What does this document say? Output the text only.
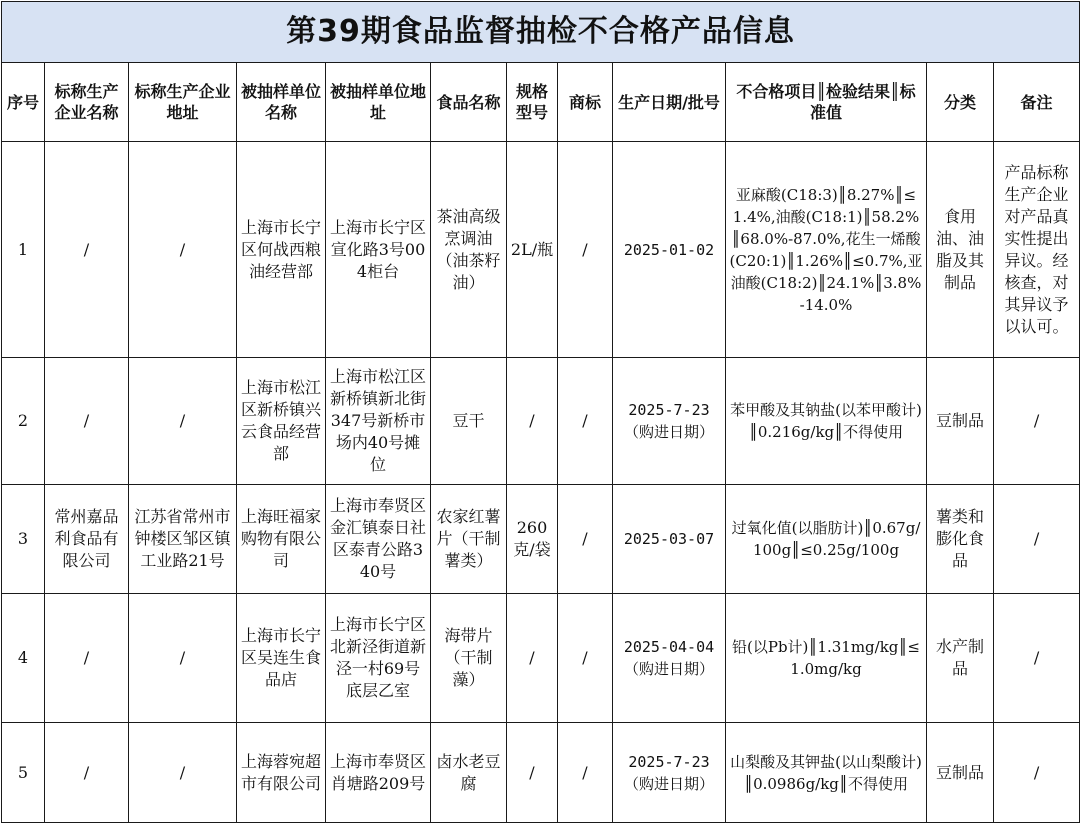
第39期食品监督抽检不合格产品信息											
序号	标称生产企业名称	标称生产企业地址	被抽样单位名称	被抽样单位地址	食品名称	规格型号	商标	生产日期/批号	不合格项目║检验结果║标准值	分类	备注
1	/	/	上海市长宁区何战西粮油经营部	上海市长宁区宣化路3号004柜台	茶油高级烹调油（油茶籽油）	2L/瓶	/	2025-01-02	亚麻酸(C18:3)║8.27%║≤1.4%,油酸(C18:1)║58.2%║68.0%-87.0%,花生一烯酸(C20:1)║1.26%║≤0.7%,亚油酸(C18:2)║24.1%║3.8%-14.0%	食用油、油脂及其制品	产品标称生产企业对产品真实性提出异议。经核查，对其异议予以认可。
2	/	/	上海市松江区新桥镇兴云食品经营部	上海市松江区新桥镇新北街347号新桥市场内40号摊位	豆干	/	/	2025-7-23（购进日期）	苯甲酸及其钠盐(以苯甲酸计)║0.216g/kg║不得使用	豆制品	/
3	常州嘉品利食品有限公司	江苏省常州市钟楼区邹区镇工业路21号	上海旺福家购物有限公司	上海市奉贤区金汇镇泰日社区泰青公路340号	农家红薯片（干制薯类）	260克/袋	/	2025-03-07	过氧化值(以脂肪计)║0.67g/100g║≤0.25g/100g	薯类和膨化食品	/
4	/	/	上海市长宁区吴连生食品店	上海市长宁区北新泾街道新泾一村69号底层乙室	海带片（干制藻）	/	/	2025-04-04（购进日期）	铅(以Pb计)║1.31mg/kg║≤1.0mg/kg	水产制品	/
5	/	/	上海蓉宛超市有限公司	上海市奉贤区肖塘路209号	卤水老豆腐	/	/	2025-7-23（购进日期）	山梨酸及其钾盐(以山梨酸计)║0.0986g/kg║不得使用	豆制品	/
